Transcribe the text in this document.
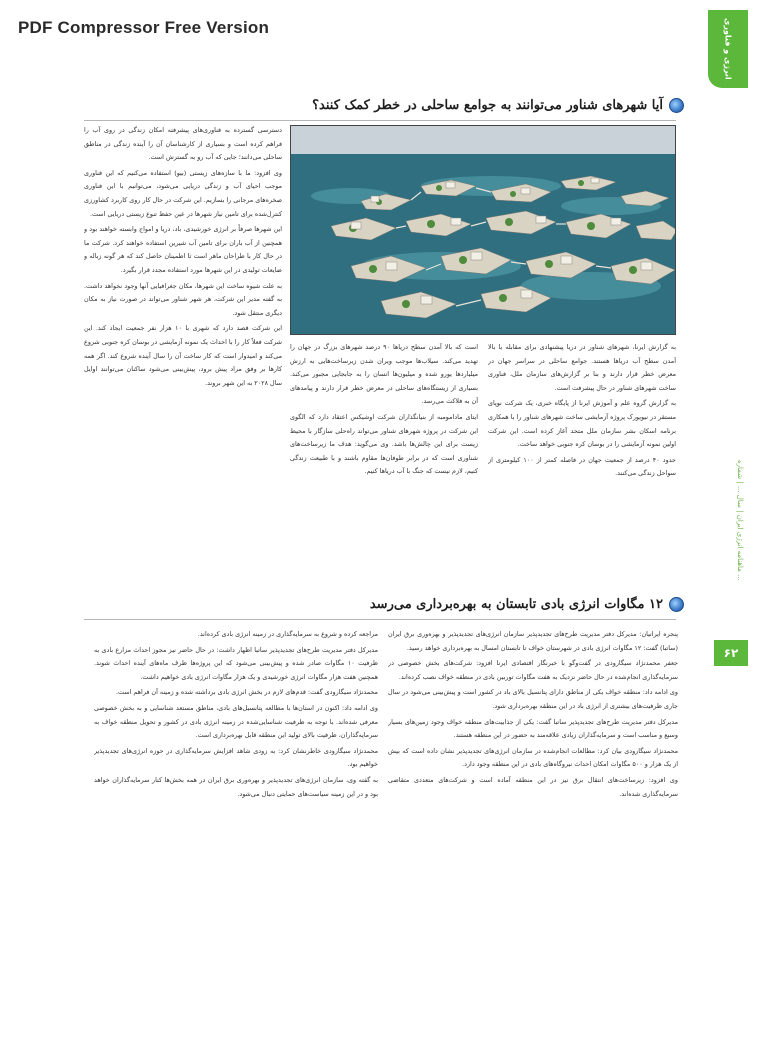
PDF Compressor Free Version	انرژی و فناوری
ماهنامه انرژی ایران | سال ... | شماره ...
۶۲
آیا شهرهای شناور می‌توانند به جوامع ساحلی در خطر کمک کنند؟

دسترسی گسترده به فناوری‌های پیشرفته امکان زندگی در روی آب را فراهم کرده است و بسیاری از کارشناسان آن را آینده زندگی در مناطق ساحلی می‌دانند؛ جایی که آب رو به گسترش است.

وی افزود: ما با سازه‌های زیستی (بیو) استفاده می‌کنیم که این فناوری موجب احیای آب و زندگی دریایی می‌شود، می‌توانیم با این فناوری صخره‌های مرجانی را بسازیم. این شرکت در حال کار روی کاربرد کشاورزی کنترل‌شده برای تامین نیاز شهرها در عین حفظ تنوع زیستی دریایی است.

این شهرها صرفاً بر انرژی خورشیدی، باد، دریا و امواج وابسته خواهند بود و همچنین از آب باران برای تامین آب شیرین استفاده خواهند کرد. شرکت ما در حال کار با طراحان ماهر است تا اطمینان حاصل کند که هر گونه زباله و ضایعات تولیدی در این شهرها مورد استفاده مجدد قرار بگیرد.

به علت شیوه ساخت این شهرها، مکان جغرافیایی آنها وجود نخواهد داشت. به گفته مدیر این شرکت، هر شهر شناور می‌تواند در صورت نیاز به مکان دیگری منتقل شود.

این شرکت قصد دارد که شهری با ۱۰ هزار نفر جمعیت ایجاد کند. این شرکت فعلاً کار را با احداث یک نمونه آزمایشی در بوسان کره جنوبی شروع می‌کند و امیدوار است که کار ساخت آن را سال آینده شروع کند. اگر همه کارها بر وفق مراد پیش برود، پیش‌بینی می‌شود ساکنان می‌توانند اوایل سال ۲۰۲۸ به این شهر بروند.

است که بالا آمدن سطح دریاها ۹۰ درصد شهرهای بزرگ در جهان را تهدید می‌کند. سیلاب‌ها موجب ویران شدن زیرساخت‌هایی به ارزش میلیاردها یورو شده و میلیون‌ها انسان را به جابجایی مجبور می‌کند. بسیاری از زیستگاه‌های ساحلی در معرض خطر قرار دارند و پیامدهای آن به فلاکت می‌رسد.

ایتای مادامومبه از بنیانگذاران شرکت اوشیکس اعتقاد دارد که الگوی این شرکت در پروژه شهرهای شناور می‌تواند راه‌حلی سازگار با محیط زیست برای این چالش‌ها باشد. وی می‌گوید: هدف ما زیرساخت‌های شناوری است که در برابر طوفان‌ها مقاوم باشند و با طبیعت زندگی کنیم، لازم نیست که جنگ با آب دریاها کنیم.

به گزارش ایرنا، شهرهای شناور در دریا پیشنهادی برای مقابله با بالا آمدن سطح آب دریاها هستند. جوامع ساحلی در سراسر جهان در معرض خطر قرار دارند و بنا بر گزارش‌های سازمان ملل، فناوری ساخت شهرهای شناور در حال پیشرفت است.

به گزارش گروه علم و آموزش ایرنا از پایگاه خبری، یک شرکت نوپای مستقر در نیویورک پروژه آزمایشی ساخت شهرهای شناور را با همکاری برنامه اسکان بشر سازمان ملل متحد آغاز کرده است. این شرکت اولین نمونه آزمایشی را در بوسان کره جنوبی خواهد ساخت.

حدود ۴۰ درصد از جمعیت جهان در فاصله کمتر از ۱۰۰ کیلومتری از سواحل زندگی می‌کنند.

۱۲ مگاوات انرژی بادی تابستان به بهره‌برداری می‌رسد

مراجعه کرده و شروع به سرمایه‌گذاری در زمینه انرژی بادی کرده‌اند.

مدیرکل دفتر مدیریت طرح‌های تجدیدپذیر ساتبا اظهار داشت: در حال حاضر نیز مجوز احداث مزارع بادی به ظرفیت ۱۰ مگاوات صادر شده و پیش‌بینی می‌شود که این پروژه‌ها ظرف ماه‌های آینده احداث شوند. همچنین هفت هزار مگاوات انرژی خورشیدی و یک هزار مگاوات انرژی بادی خواهیم داشت.

محمدنژاد سیگارودی گفت: قدم‌های لازم در بخش انرژی بادی برداشته شده و زمینه آن فراهم است.

وی ادامه داد: اکنون در استان‌ها با مطالعه پتانسیل‌های بادی، مناطق مستعد شناسایی و به بخش خصوصی معرفی شده‌اند. با توجه به ظرفیت شناسایی‌شده در زمینه انرژی بادی در کشور و تحویل منطقه خواف به سرمایه‌گذاران، ظرفیت بالای تولید این منطقه قابل بهره‌برداری است.

محمدنژاد سیگارودی خاطرنشان کرد: به زودی شاهد افزایش سرمایه‌گذاری در حوزه انرژی‌های تجدیدپذیر خواهیم بود.

به گفته وی، سازمان انرژی‌های تجدیدپذیر و بهره‌وری برق ایران در همه بخش‌ها کنار سرمایه‌گذاران خواهد بود و در این زمینه سیاست‌های حمایتی دنبال می‌شود.

پنجره ایرانیان: مدیرکل دفتر مدیریت طرح‌های تجدیدپذیر سازمان انرژی‌های تجدیدپذیر و بهره‌وری برق ایران (ساتبا) گفت: ۱۲ مگاوات انرژی بادی در شهرستان خواف تا تابستان امسال به بهره‌برداری خواهد رسید.

جعفر محمدنژاد سیگارودی در گفت‌وگو با خبرنگار اقتصادی ایرنا افزود: شرکت‌های بخش خصوصی در سرمایه‌گذاری انجام‌شده در حال حاضر نزدیک به هفت مگاوات توربین بادی در منطقه خواف نصب کرده‌اند.

وی ادامه داد: منطقه خواف یکی از مناطق دارای پتانسیل بالای باد در کشور است و پیش‌بینی می‌شود در سال جاری ظرفیت‌های بیشتری از انرژی باد در این منطقه بهره‌برداری شود.

مدیرکل دفتر مدیریت طرح‌های تجدیدپذیر ساتبا گفت: یکی از جذابیت‌های منطقه خواف وجود زمین‌های بسیار وسیع و مناسب است و سرمایه‌گذاران زیادی علاقه‌مند به حضور در این منطقه هستند.

محمدنژاد سیگارودی بیان کرد: مطالعات انجام‌شده در سازمان انرژی‌های تجدیدپذیر نشان داده است که بیش از یک هزار و ۵۰۰ مگاوات امکان احداث نیروگاه‌های بادی در این منطقه وجود دارد.

وی افزود: زیرساخت‌های انتقال برق نیز در این منطقه آماده است و شرکت‌های متعددی متقاضی سرمایه‌گذاری شده‌اند.
